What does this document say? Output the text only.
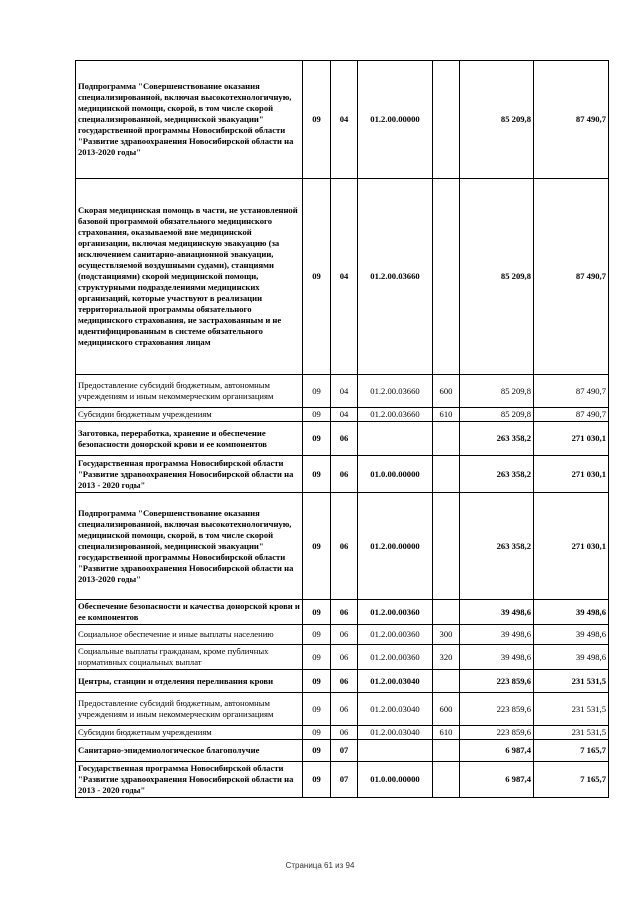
Подпрограмма "Совершенствование оказания специализированной, включая высокотехнологичную, медицинской помощи, скорой, в том числе скорой специализированной, медицинской эвакуации" государственной программы Новосибирской области "Развитие здравоохранения Новосибирской области на 2013-2020 годы"	09	04	01.2.00.00000		85 209,8	87 490,7
Скорая медицинская помощь в части, не установленной базовой программой обязательного медицинского страхования, оказываемой вне медицинской организации, включая медицинскую эвакуацию (за исключением санитарно-авиационной эвакуации, осуществляемой воздушными судами), станциями (подстанциями) скорой медицинской помощи, структурными подразделениями медицинских организаций, которые участвуют в реализации территориальной программы обязательного медицинского страхования, не застрахованным и не идентифицированным в системе обязательного медицинского страхования лицам	09	04	01.2.00.03660		85 209,8	87 490,7
Предоставление субсидий бюджетным, автономным учреждениям и иным некоммерческим организациям	09	04	01.2.00.03660	600	85 209,8	87 490,7
Субсидии бюджетным учреждениям	09	04	01.2.00.03660	610	85 209,8	87 490,7
Заготовка, переработка, хранение и обеспечение безопасности донорской крови и ее компонентов	09	06			263 358,2	271 030,1
Государственная программа Новосибирской области "Развитие здравоохранения Новосибирской области на 2013 - 2020 годы"	09	06	01.0.00.00000		263 358,2	271 030,1
Подпрограмма "Совершенствование оказания специализированной, включая высокотехнологичную, медицинской помощи, скорой, в том числе скорой специализированной, медицинской эвакуации" государственной программы Новосибирской области "Развитие здравоохранения Новосибирской области на 2013-2020 годы"	09	06	01.2.00.00000		263 358,2	271 030,1
Обеспечение безопасности и качества донорской крови и ее компонентов	09	06	01.2.00.00360		39 498,6	39 498,6
Социальное обеспечение и иные выплаты населению	09	06	01.2.00.00360	300	39 498,6	39 498,6
Социальные выплаты гражданам, кроме публичных нормативных социальных выплат	09	06	01.2.00.00360	320	39 498,6	39 498,6
Центры, станции и отделения переливания крови	09	06	01.2.00.03040		223 859,6	231 531,5
Предоставление субсидий бюджетным, автономным учреждениям и иным некоммерческим организациям	09	06	01.2.00.03040	600	223 859,6	231 531,5
Субсидии бюджетным учреждениям	09	06	01.2.00.03040	610	223 859,6	231 531,5
Санитарно-эпидемиологическое благополучие	09	07			6 987,4	7 165,7
Государственная программа Новосибирской области "Развитие здравоохранения Новосибирской области на 2013 - 2020 годы"	09	07	01.0.00.00000		6 987,4	7 165,7
Страница 61 из 94
